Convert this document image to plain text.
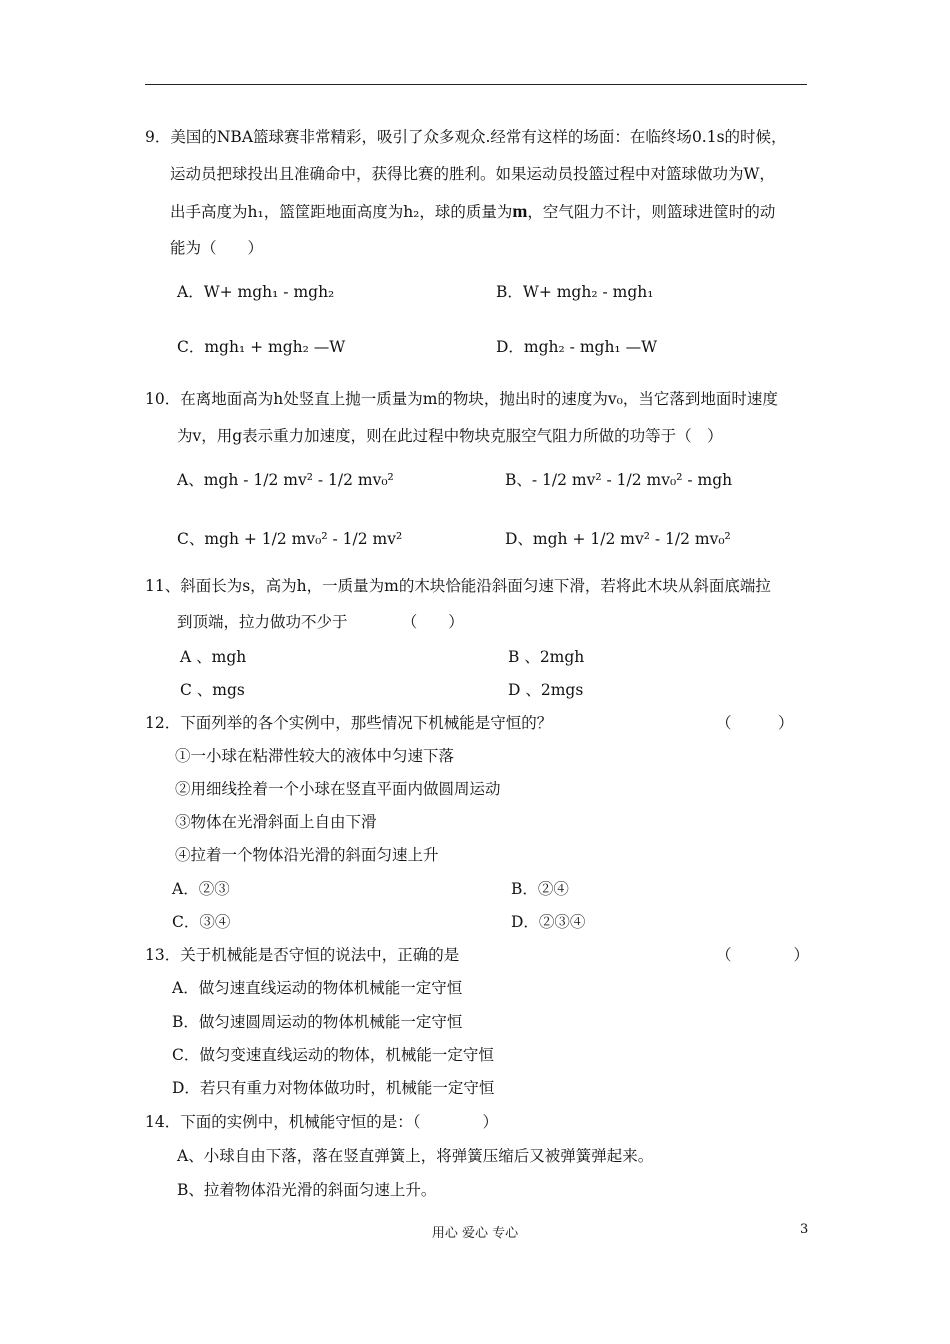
9．美国的NBA篮球赛非常精彩，吸引了众多观众.经常有这样的场面：在临终场0.1s的时候，
运动员把球投出且准确命中，获得比赛的胜利。如果运动员投篮过程中对篮球做功为W，
出手高度为h₁，篮筐距地面高度为h₂，球的质量为m，空气阻力不计，则篮球进筐时的动
能为（　　）
A．W+ mgh₁ - mgh₂	B．W+ mgh₂ - mgh₁
C．mgh₁ + mgh₂ —W	D．mgh₂ - mgh₁ —W
10．在离地面高为h处竖直上抛一质量为m的物块，抛出时的速度为v₀，当它落到地面时速度
为v，用g表示重力加速度，则在此过程中物块克服空气阻力所做的功等于（　）
A、mgh - 1/2 mv² - 1/2 mv₀²	B、- 1/2 mv² - 1/2 mv₀² - mgh
C、mgh + 1/2 mv₀² - 1/2 mv²	D、mgh + 1/2 mv² - 1/2 mv₀²
11、斜面长为s，高为h，一质量为m的木块恰能沿斜面匀速下滑，若将此木块从斜面底端拉
到顶端，拉力做功不少于　　　　（　　）
A 、mgh	B 、2mgh
C 、mgs	D 、2mgs
12．下面列举的各个实例中，那些情况下机械能是守恒的？	（　　　）
①一小球在粘滞性较大的液体中匀速下落
②用细线拴着一个小球在竖直平面内做圆周运动
③物体在光滑斜面上自由下滑
④拉着一个物体沿光滑的斜面匀速上升
A．②③	B．②④
C．③④	D．②③④
13．关于机械能是否守恒的说法中，正确的是	（　　　　）
A．做匀速直线运动的物体机械能一定守恒
B．做匀速圆周运动的物体机械能一定守恒
C．做匀变速直线运动的物体，机械能一定守恒
D．若只有重力对物体做功时，机械能一定守恒
14．下面的实例中，机械能守恒的是：（　　　　）
A、小球自由下落，落在竖直弹簧上，将弹簧压缩后又被弹簧弹起来。
B、拉着物体沿光滑的斜面匀速上升。
用心 爱心 专心	3
